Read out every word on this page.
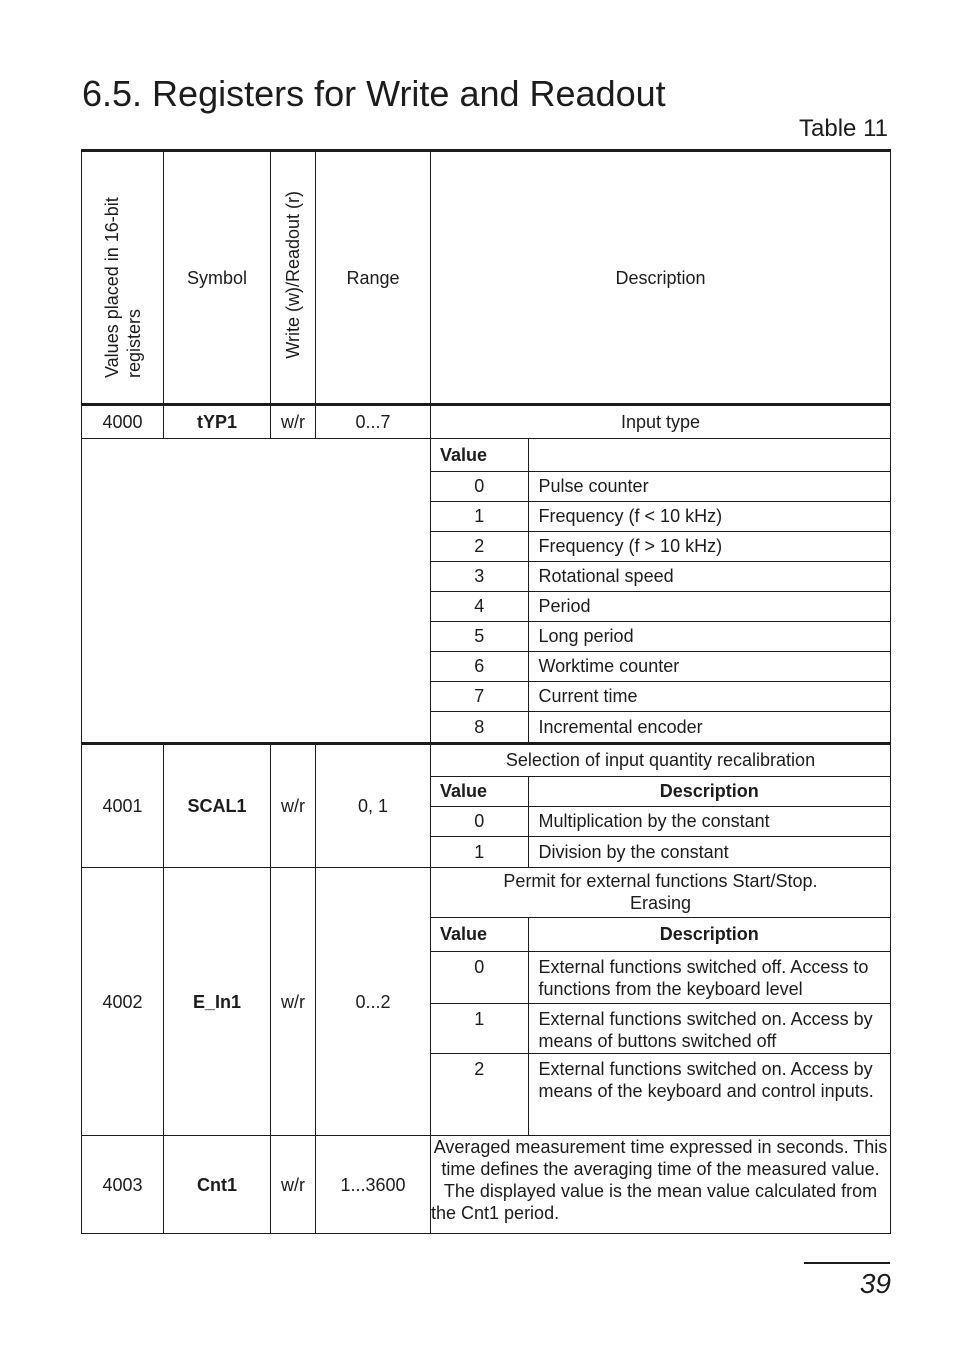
6.5. Registers for Write and Readout
Table 11
Values placed in 16-bit registers	Symbol	Write (w)/Readout (r)	Range	Description
4000	tYP1	w/r	0...7	Input type

Value	
0	Pulse counter
1	Frequency (f < 10 kHz)
2	Frequency (f > 10 kHz)
3	Rotational speed
4	Period
5	Long period
6	Worktime counter
7	Current time
8	Incremental encoder

4001	SCAL1	w/r	0, 1	
Selection of input quantity recalibration
Value	Description
0	Multiplication by the constant
1	Division by the constant

4002	E_In1	w/r	0...2	
Permit for external functions Start/Stop. Erasing
Value	Description
0	External functions switched off. Access to functions from the keyboard level
1	External functions switched on. Access by means of buttons switched off
2	External functions switched on. Access by means of the keyboard and control inputs.

4003	Cnt1	w/r	1...3600	Averaged measurement time expressed in seconds. This time defines the averaging time of the measured value. The displayed value is the mean value calculated from the Cnt1 period.
39
